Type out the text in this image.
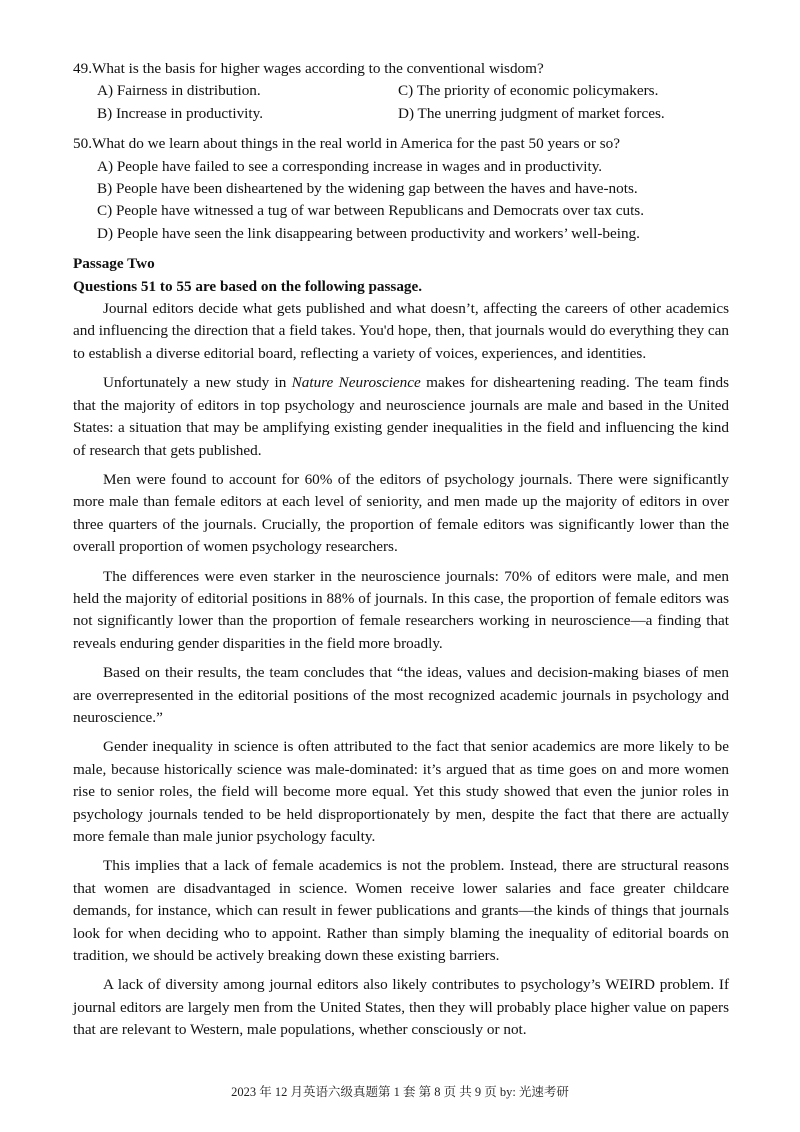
49.What is the basis for higher wages according to the conventional wisdom?
A) Fairness in distribution.	C) The priority of economic policymakers.
B) Increase in productivity.	D) The unerring judgment of market forces.
50.What do we learn about things in the real world in America for the past 50 years or so?
A) People have failed to see a corresponding increase in wages and in productivity.
B) People have been disheartened by the widening gap between the haves and have-nots.
C) People have witnessed a tug of war between Republicans and Democrats over tax cuts.
D) People have seen the link disappearing between productivity and workers’ well-being.
Passage Two
Questions 51 to 55 are based on the following passage.

Journal editors decide what gets published and what doesn’t, affecting the careers of other academics and influencing the direction that a field takes. You'd hope, then, that journals would do everything they can to establish a diverse editorial board, reflecting a variety of voices, experiences, and identities.

Unfortunately a new study in Nature Neuroscience makes for disheartening reading. The team finds that the majority of editors in top psychology and neuroscience journals are male and based in the United States: a situation that may be amplifying existing gender inequalities in the field and influencing the kind of research that gets published.

Men were found to account for 60% of the editors of psychology journals. There were significantly more male than female editors at each level of seniority, and men made up the majority of editors in over three quarters of the journals. Crucially, the proportion of female editors was significantly lower than the overall proportion of women psychology researchers.

The differences were even starker in the neuroscience journals: 70% of editors were male, and men held the majority of editorial positions in 88% of journals. In this case, the proportion of female editors was not significantly lower than the proportion of female researchers working in neuroscience—a finding that reveals enduring gender disparities in the field more broadly.

Based on their results, the team concludes that “the ideas, values and decision-making biases of men are overrepresented in the editorial positions of the most recognized academic journals in psychology and neuroscience.”

Gender inequality in science is often attributed to the fact that senior academics are more likely to be male, because historically science was male-dominated: it’s argued that as time goes on and more women rise to senior roles, the field will become more equal. Yet this study showed that even the junior roles in psychology journals tended to be held disproportionately by men, despite the fact that there are actually more female than male junior psychology faculty.

This implies that a lack of female academics is not the problem. Instead, there are structural reasons that women are disadvantaged in science. Women receive lower salaries and face greater childcare demands, for instance, which can result in fewer publications and grants—the kinds of things that journals look for when deciding who to appoint. Rather than simply blaming the inequality of editorial boards on tradition, we should be actively breaking down these existing barriers.

A lack of diversity among journal editors also likely contributes to psychology’s WEIRD problem. If journal editors are largely men from the United States, then they will probably place higher value on papers that are relevant to Western, male populations, whether consciously or not.

2023 年 12 月英语六级真题第 1 套 第 8 页 共 9 页 by: 光速考研
